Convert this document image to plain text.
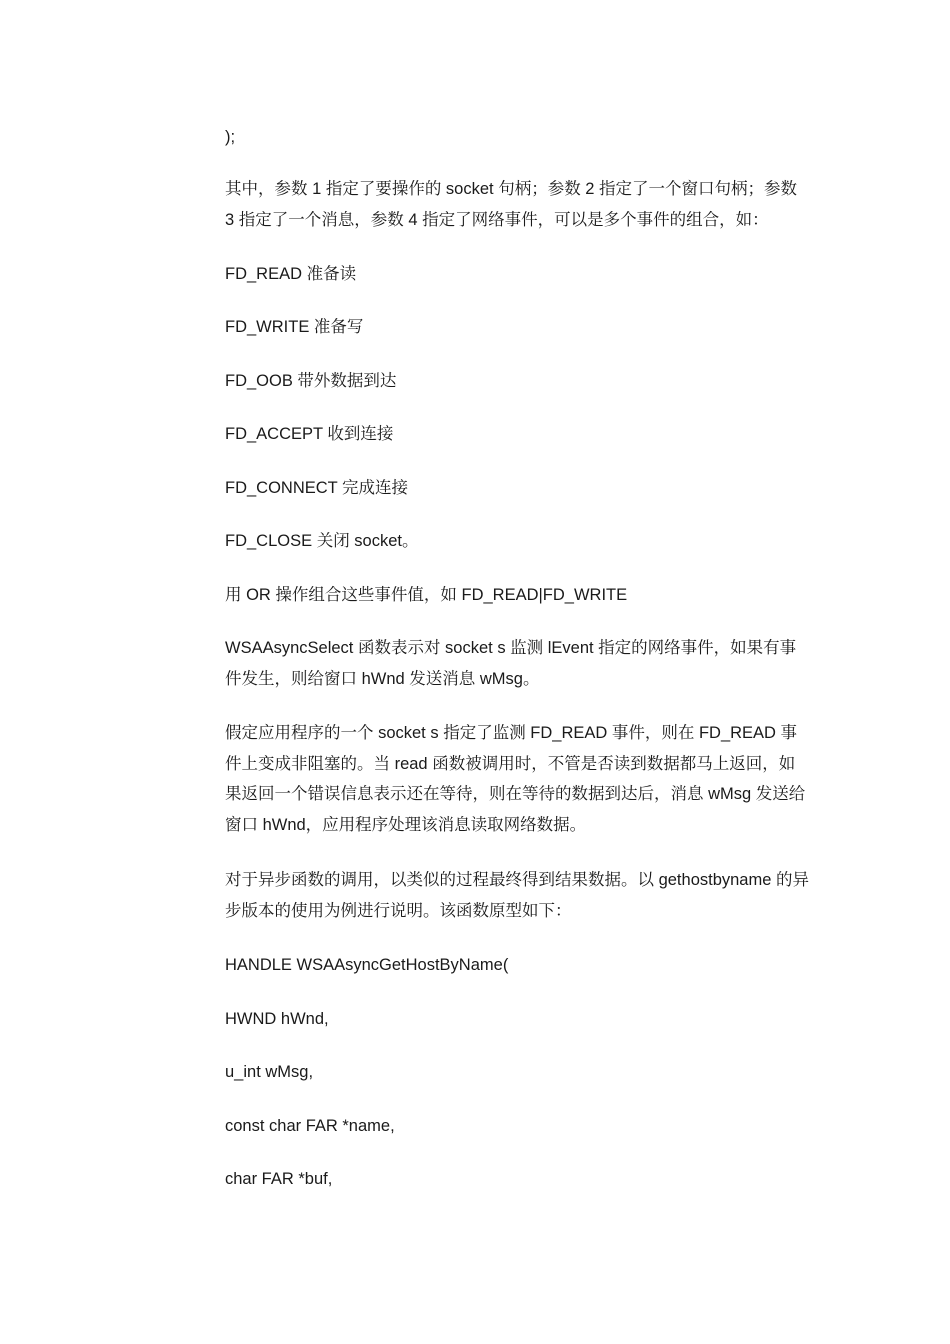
);

其中，参数 1 指定了要操作的 socket 句柄；参数 2 指定了一个窗口句柄；参数 3 指定了一个消息，参数 4 指定了网络事件，可以是多个事件的组合，如：

FD_READ 准备读

FD_WRITE 准备写

FD_OOB 带外数据到达

FD_ACCEPT 收到连接

FD_CONNECT 完成连接

FD_CLOSE 关闭 socket。

用 OR 操作组合这些事件值，如 FD_READ|FD_WRITE

WSAAsyncSelect 函数表示对 socket s 监测 lEvent 指定的网络事件，如果有事件发生，则给窗口 hWnd 发送消息 wMsg。

假定应用程序的一个 socket s 指定了监测 FD_READ 事件，则在 FD_READ 事件上变成非阻塞的。当 read 函数被调用时，不管是否读到数据都马上返回，如果返回一个错误信息表示还在等待，则在等待的数据到达后，消息 wMsg 发送给窗口 hWnd，应用程序处理该消息读取网络数据。

对于异步函数的调用，以类似的过程最终得到结果数据。以 gethostbyname 的异步版本的使用为例进行说明。该函数原型如下：

HANDLE WSAAsyncGetHostByName(

HWND hWnd,

u_int wMsg,

const char FAR *name,

char FAR *buf,
